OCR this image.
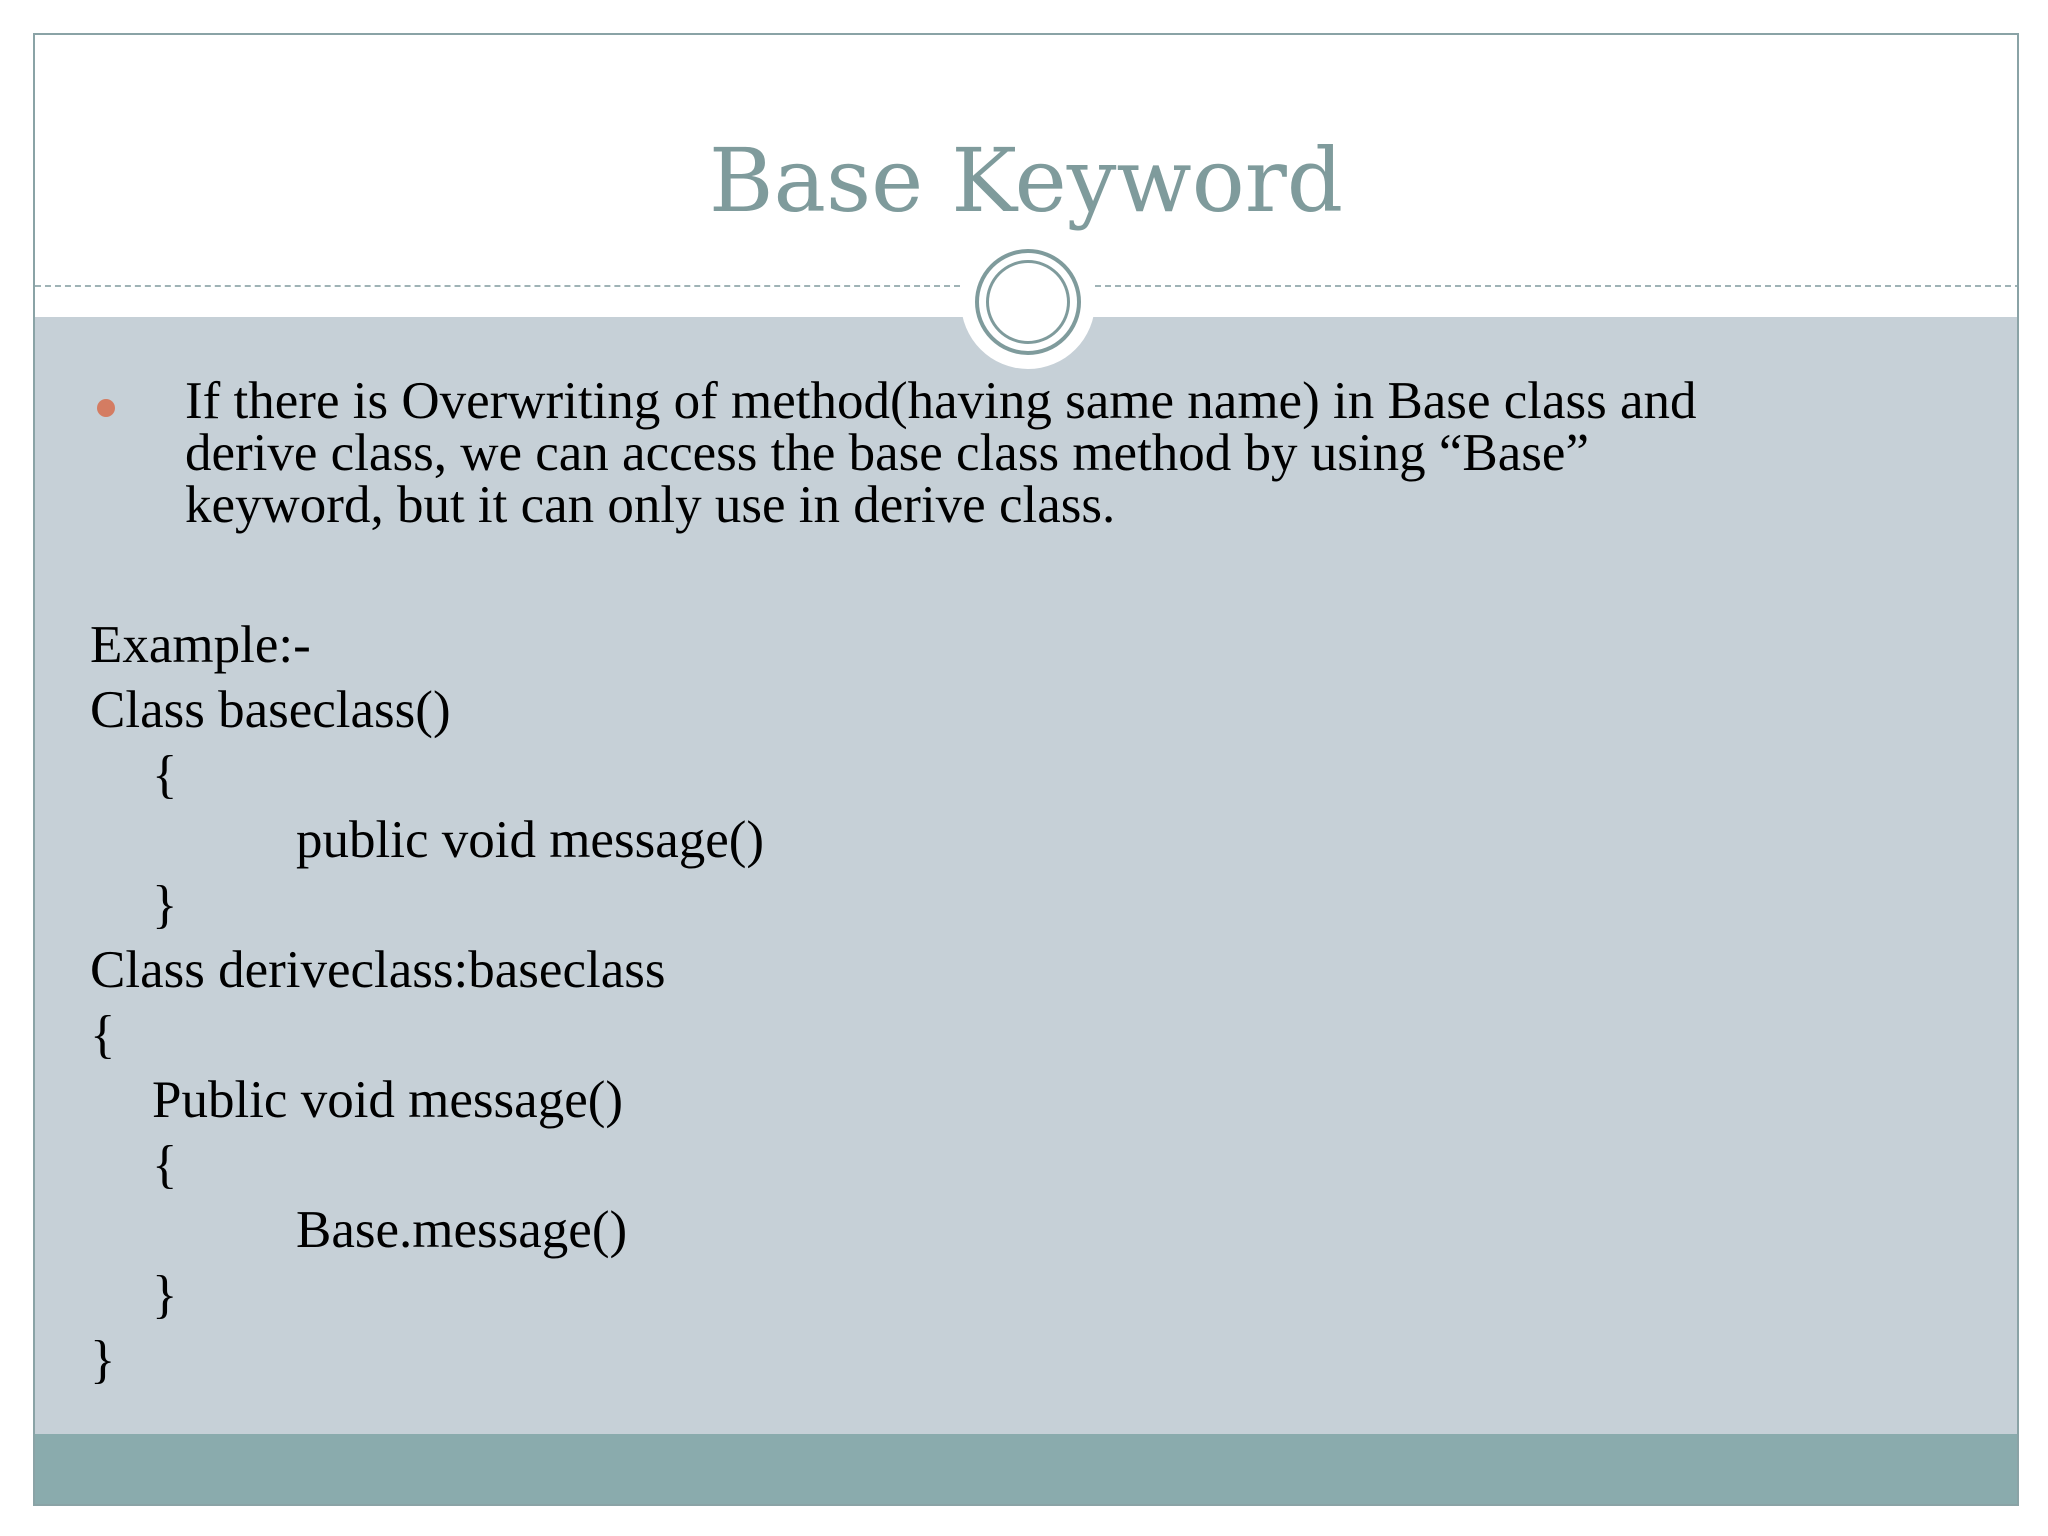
Base Keyword
If there is Overwriting of method(having same name) in Base class and
derive class, we can access the base class method by using “Base”
keyword, but it can only use in derive class.
Example:-
Class baseclass()
{
public void message()
}
Class deriveclass:baseclass
{
Public void message()
{
Base.message()
}
}
